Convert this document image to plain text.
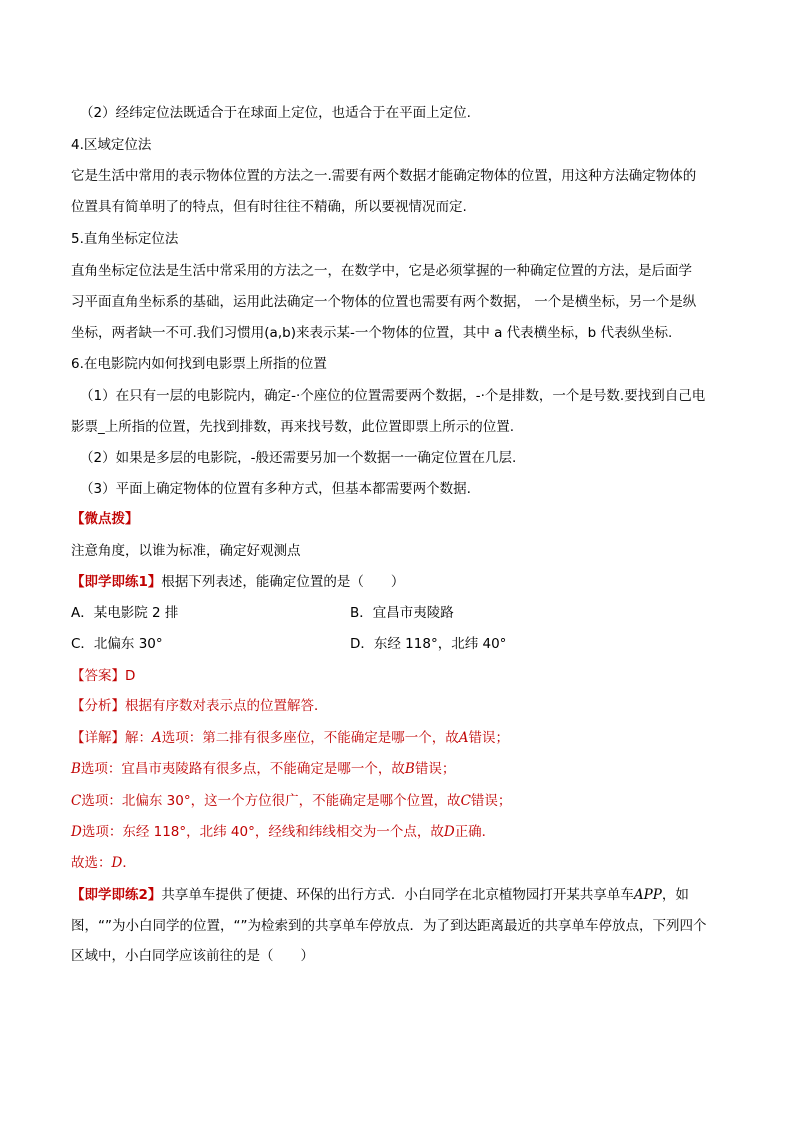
（2）经纬定位法既适合于在球面上定位，也适合于在平面上定位.
4.区域定位法
它是生活中常用的表示物体位置的方法之一.需要有两个数据才能确定物体的位置，用这种方法确定物体的
位置具有简单明了的特点，但有时往往不精确，所以要视情况而定.
5.直角坐标定位法
直角坐标定位法是生活中常采用的方法之一，在数学中，它是必须掌握的一种确定位置的方法，是后面学
习平面直角坐标系的基础，运用此法确定一个物体的位置也需要有两个数据， 一个是横坐标，另一个是纵
坐标，两者缺一不可.我们习惯用(a,b)来表示某-一个物体的位置，其中 a 代表横坐标，b 代表纵坐标.
6.在电影院内如何找到电影票上所指的位置
（1）在只有一层的电影院内，确定-·个座位的位置需要两个数据，-·个是排数，一个是号数.要找到自己电
影票_上所指的位置，先找到排数，再来找号数，此位置即票上所示的位置.
（2）如果是多层的电影院，-般还需要另加一个数据一一确定位置在几层.
（3）平面上确定物体的位置有多种方式，但基本都需要两个数据.
【微点拨】
注意角度，以谁为标准，确定好观测点
【即学即练1】根据下列表述，能确定位置的是（　　）
A．某电影院 2 排	B．宜昌市夷陵路
C．北偏东 30°	D．东经 118°，北纬 40°
【答案】D
【分析】根据有序数对表示点的位置解答．
【详解】解：A选项：第二排有很多座位，不能确定是哪一个，故A错误；
B选项：宜昌市夷陵路有很多点，不能确定是哪一个，故B错误；
C选项：北偏东 30°，这一个方位很广，不能确定是哪个位置，故C错误；
D选项：东经 118°，北纬 40°，经线和纬线相交为一个点，故D正确．
故选：D．
【即学即练2】共享单车提供了便捷、环保的出行方式．小白同学在北京植物园打开某共享单车APP，如
图，“”为小白同学的位置，“”为检索到的共享单车停放点．为了到达距离最近的共享单车停放点，下列四个
区域中，小白同学应该前往的是（　　）
